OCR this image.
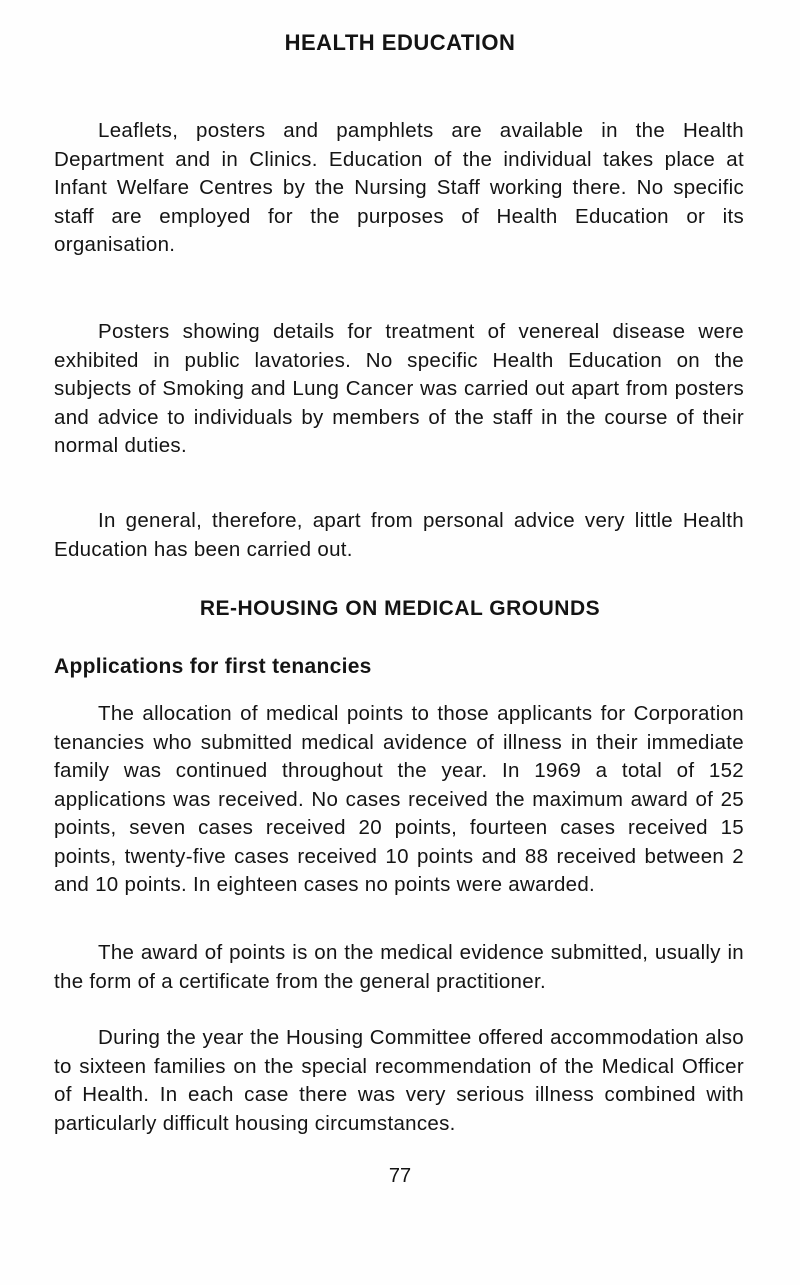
HEALTH EDUCATION
Leaflets, posters and pamphlets are available in the Health Department and in Clinics. Education of the individual takes place at Infant Welfare Centres by the Nursing Staff working there. No specific staff are employed for the purposes of Health Education or its organisation.
Posters showing details for treatment of venereal disease were exhibited in public lavatories. No specific Health Education on the subjects of Smoking and Lung Cancer was carried out apart from posters and advice to individuals by members of the staff in the course of their normal duties.
In general, therefore, apart from personal advice very little Health Education has been carried out.
RE-HOUSING ON MEDICAL GROUNDS
Applications for first tenancies
The allocation of medical points to those applicants for Corporation tenancies who submitted medical avidence of illness in their immediate family was continued throughout the year. In 1969 a total of 152 applications was received. No cases received the maximum award of 25 points, seven cases received 20 points, fourteen cases received 15 points, twenty-five cases received 10 points and 88 received between 2 and 10 points. In eighteen cases no points were awarded.
The award of points is on the medical evidence submitted, usually in the form of a certificate from the general practitioner.
During the year the Housing Committee offered accommodation also to sixteen families on the special recommendation of the Medical Officer of Health. In each case there was very serious illness combined with particularly difficult housing circumstances.
77
